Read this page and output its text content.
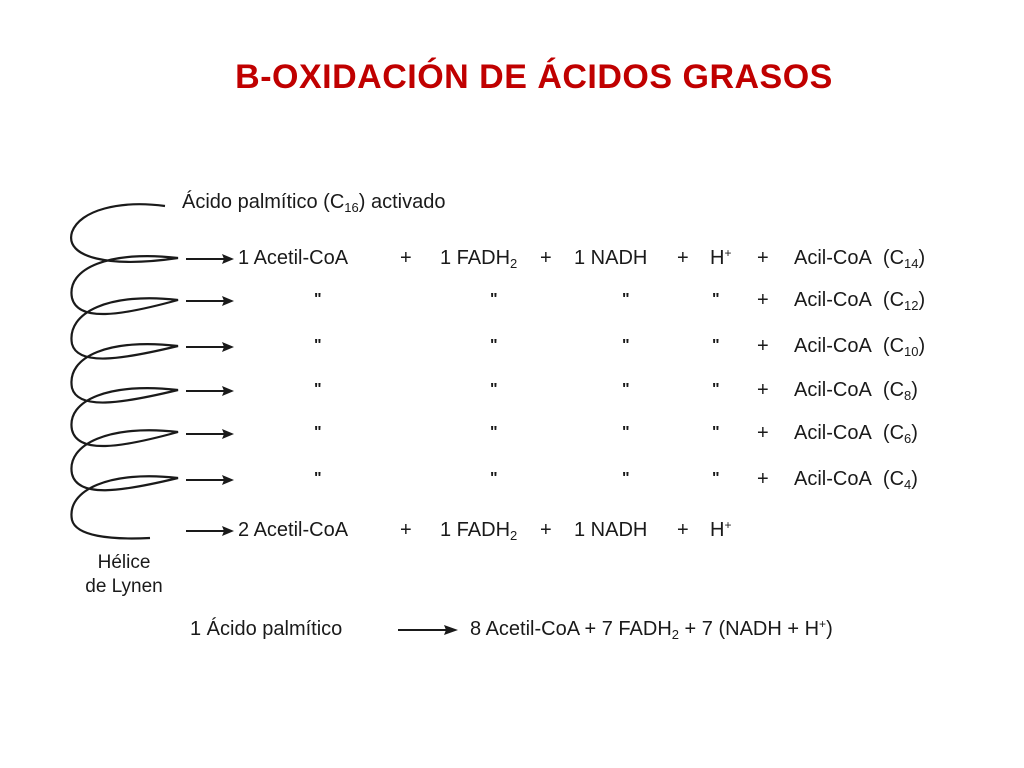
B-OXIDACIÓN DE ÁCIDOS GRASOS
Ácido palmítico $(C_{16})$ activado
1 Acetil-CoA	+ 1 $FADH_2 + 1$ NADH + H+ + Acil-CoA  $(C_{14})$
"	"	"	" + Acil-CoA  $(C_{12})$
"	"	"	" + Acil-CoA  $(C_{10})$
"	"	"	" + Acil-CoA  $(C_8)$
"	"	"	" + Acil-CoA  $(C_6)$
"	"	"	" + Acil-CoA  $(C_4)$
2 Acetil-CoA	+ 1 $FADH_2 + 1$ NADH + H+
Hélice
de Lynen
1 Ácido palmítico	8 Acetil-CoA + 7 $FADH_2 + 7$ (NADH + H+)
